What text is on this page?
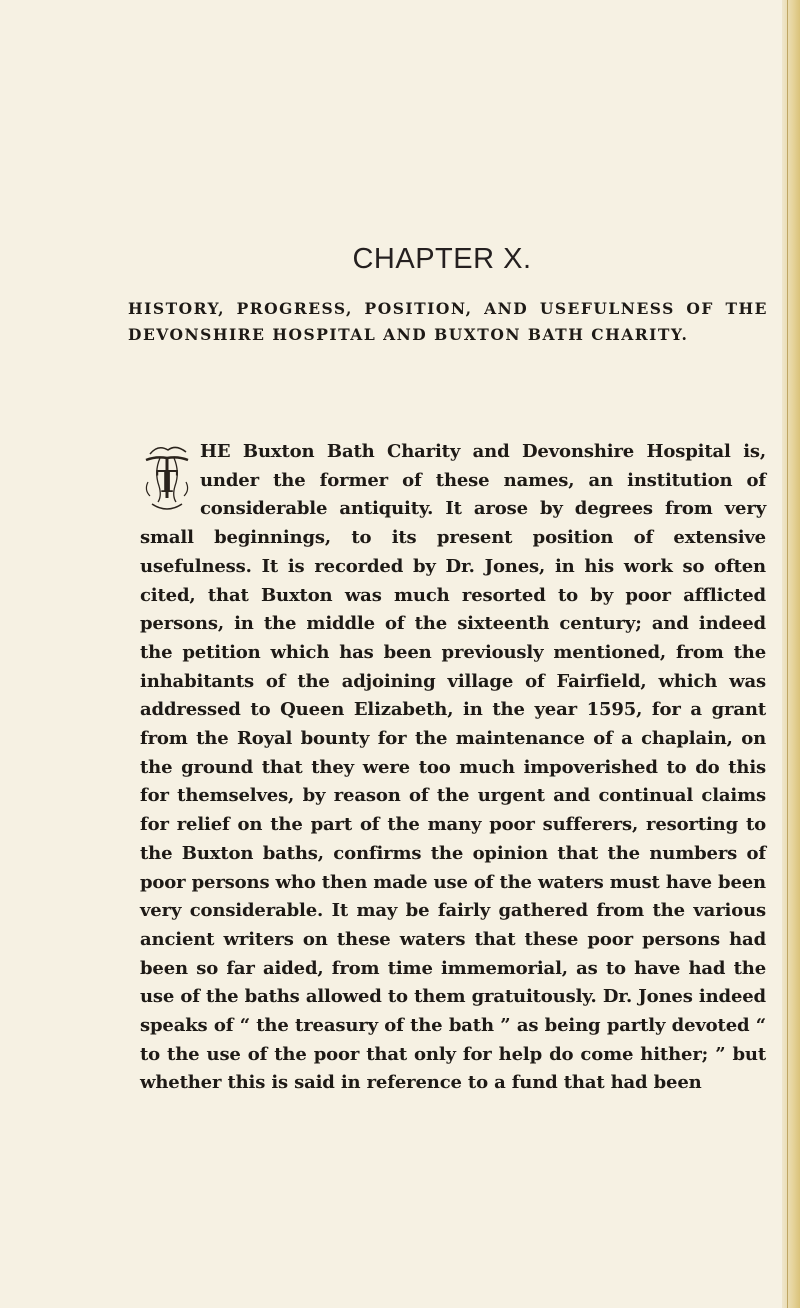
CHAPTER X.
HISTORY, PROGRESS, POSITION, AND USEFULNESS OF THE DEVONSHIRE HOSPITAL AND BUXTON BATH CHARITY.
T
HE Buxton Bath Charity and Devonshire Hospital is, under the former of these names, an institution of considerable antiquity. It arose by degrees from very small beginnings, to its present position of extensive usefulness. It is recorded by Dr. Jones, in his work so often cited, that Buxton was much resorted to by poor afflicted persons, in the middle of the sixteenth century; and indeed the petition which has been previously mentioned, from the inhabitants of the adjoining village of Fairfield, which was addressed to Queen Elizabeth, in the year 1595, for a grant from the Royal bounty for the maintenance of a chaplain, on the ground that they were too much impoverished to do this for themselves, by reason of the urgent and continual claims for relief on the part of the many poor sufferers, resorting to the Buxton baths, confirms the opinion that the numbers of poor persons who then made use of the waters must have been very considerable. It may be fairly gathered from the various ancient writers on these waters that these poor persons had been so far aided, from time immemorial, as to have had the use of the baths allowed to them gratuitously. Dr. Jones indeed speaks of “ the treasury of the bath ” as being partly devoted “ to the use of the poor that only for help do come hither; ” but whether this is said in reference to a fund that had been
